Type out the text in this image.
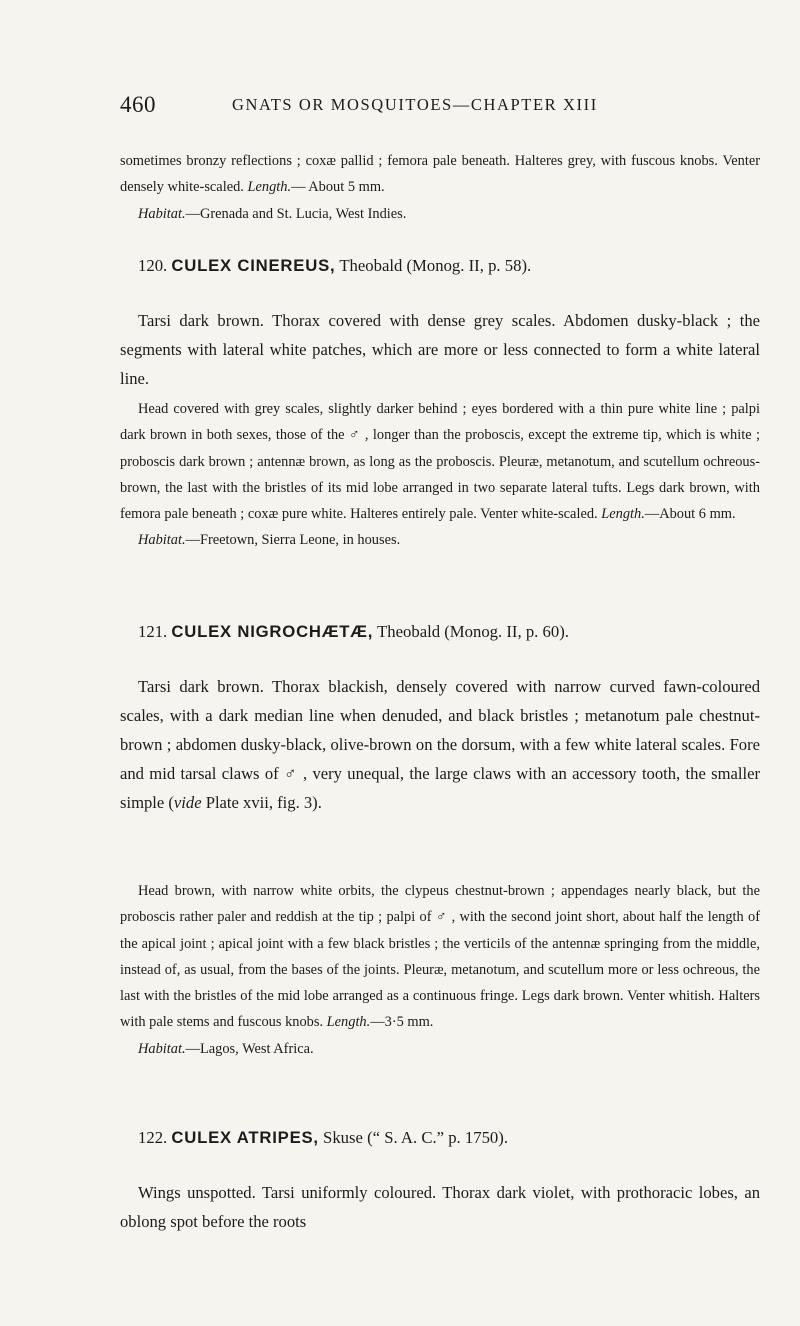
460	GNATS OR MOSQUITOES—CHAPTER XIII

sometimes bronzy reflections ; coxæ pallid ; femora pale beneath. Halteres grey, with fuscous knobs. Venter densely white-scaled. Length.— About 5 mm.

Habitat.—Grenada and St. Lucia, West Indies.

120. CULEX CINEREUS, Theobald (Monog. II, p. 58).

Tarsi dark brown. Thorax covered with dense grey scales. Abdomen dusky-black ; the segments with lateral white patches, which are more or less connected to form a white lateral line.

Head covered with grey scales, slightly darker behind ; eyes bordered with a thin pure white line ; palpi dark brown in both sexes, those of the ♂ , longer than the proboscis, except the extreme tip, which is white ; proboscis dark brown ; antennæ brown, as long as the proboscis. Pleuræ, metanotum, and scutellum ochreous-brown, the last with the bristles of its mid lobe arranged in two separate lateral tufts. Legs dark brown, with femora pale beneath ; coxæ pure white. Halteres entirely pale. Venter white-scaled. Length.—About 6 mm.

Habitat.—Freetown, Sierra Leone, in houses.

121. CULEX NIGROCHÆTÆ, Theobald (Monog. II, p. 60).

Tarsi dark brown. Thorax blackish, densely covered with narrow curved fawn-coloured scales, with a dark median line when denuded, and black bristles ; metanotum pale chestnut-brown ; abdomen dusky-black, olive-brown on the dorsum, with a few white lateral scales. Fore and mid tarsal claws of ♂ , very unequal, the large claws with an accessory tooth, the smaller simple (vide Plate xvii, fig. 3).

Head brown, with narrow white orbits, the clypeus chestnut-brown ; appendages nearly black, but the proboscis rather paler and reddish at the tip ; palpi of ♂ , with the second joint short, about half the length of the apical joint ; apical joint with a few black bristles ; the verticils of the antennæ springing from the middle, instead of, as usual, from the bases of the joints. Pleuræ, metanotum, and scutellum more or less ochreous, the last with the bristles of the mid lobe arranged as a continuous fringe. Legs dark brown. Venter whitish. Halters with pale stems and fuscous knobs. Length.—3·5 mm.

Habitat.—Lagos, West Africa.

122. CULEX ATRIPES, Skuse (“ S. A. C.” p. 1750).

Wings unspotted. Tarsi uniformly coloured. Thorax dark violet, with prothoracic lobes, an oblong spot before the roots
